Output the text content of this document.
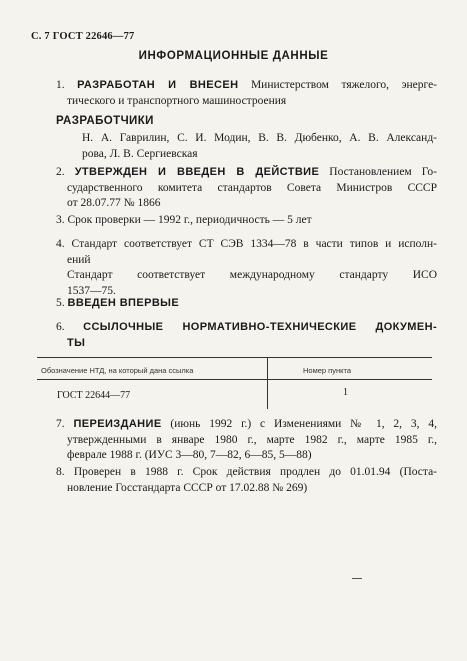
С. 7 ГОСТ 22646—77
ИНФОРМАЦИОННЫЕ ДАННЫЕ
1. РАЗРАБОТАН И ВНЕСЕН Министерством тяжелого, энерге-
тического и транспортного машиностроения
РАЗРАБОТЧИКИ
Н. А. Гаврилин, С. И. Модин, В. В. Дюбенко, А. В. Александ-
рова, Л. В. Сергиевская
2. УТВЕРЖДЕН И ВВЕДЕН В ДЕЙСТВИЕ Постановлением Го-
сударственного комитета стандартов Совета Министров СССР
от 28.07.77 № 1866
3. Срок проверки — 1992 г., периодичность — 5 лет
4. Стандарт соответствует СТ СЭВ 1334—78 в части типов и исполн-
ений
Стандарт соответствует международному стандарту ИСО
1537—75.
5. ВВЕДЕН ВПЕРВЫЕ
6. ССЫЛОЧНЫЕ НОРМАТИВНО-ТЕХНИЧЕСКИЕ ДОКУМЕН-
ТЫ
Обозначение НТД, на который дана ссылка	Номер пункта
ГОСТ 22644—77	1
7. ПЕРЕИЗДАНИЕ (июнь 1992 г.) с Изменениями № 1, 2, 3, 4,
утвержденными в январе 1980 г., марте 1982 г., марте 1985 г.,
феврале 1988 г. (ИУС 3—80, 7—82, 6—85, 5—88)
8. Проверен в 1988 г. Срок действия продлен до 01.01.94 (Поста-
новление Госстандарта СССР от 17.02.88 № 269)
